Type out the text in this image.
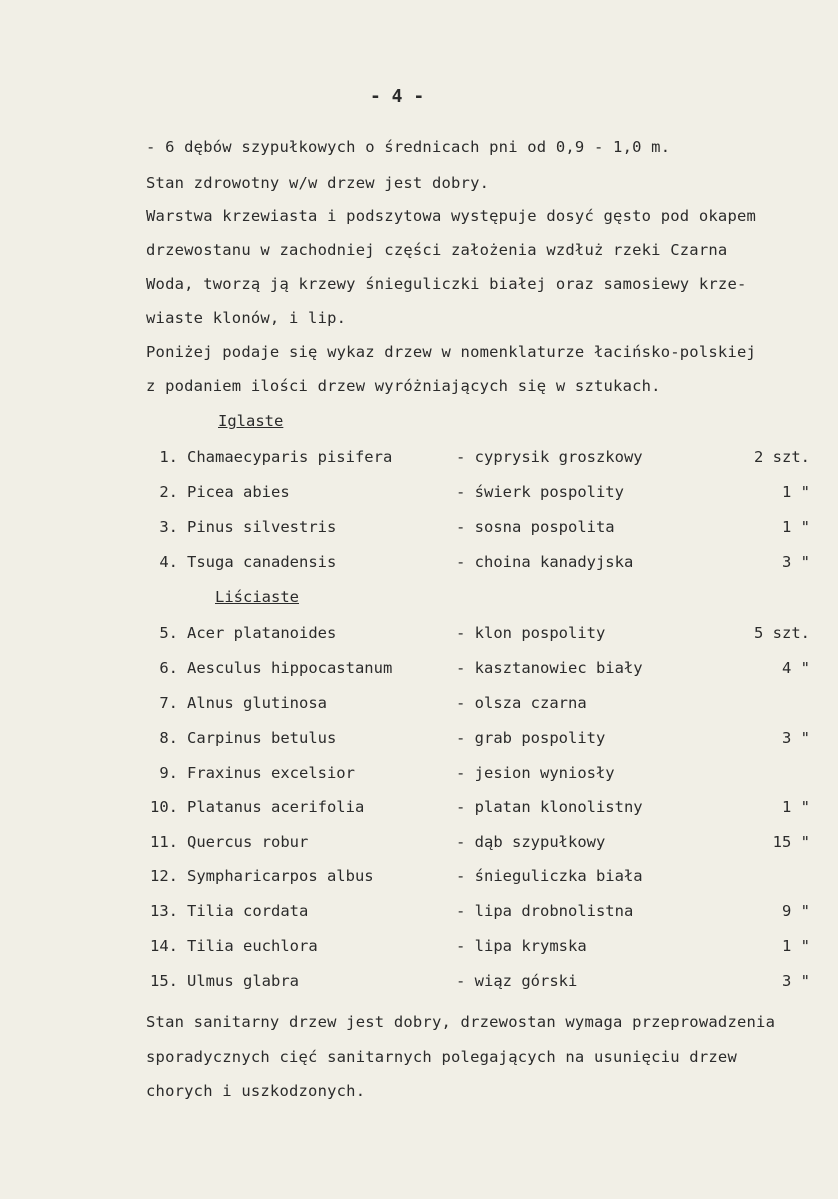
- 4 -
- 6 dębów szypułkowych o średnicach pni od 0,9 - 1,0 m.
Stan zdrowotny w/w drzew jest dobry.
Warstwa krzewiasta i podszytowa występuje dosyć gęsto pod okapem
drzewostanu w zachodniej części założenia wzdłuż rzeki Czarna
Woda, tworzą ją krzewy śnieguliczki białej oraz samosiewy krze-
wiaste klonów, i lip.
Poniżej podaje się wykaz drzew w nomenklaturze łacińsko-polskiej
z podaniem ilości drzew wyróżniających się w sztukach.
Iglaste
1. Chamaecyparis pisifera	- cyprysik groszkowy	2 szt.
2. Picea abies	- świerk pospolity	1 "
3. Pinus silvestris	- sosna pospolita	1 "
4. Tsuga canadensis	- choina kanadyjska	3 "
Liściaste
5. Acer platanoides	- klon pospolity	5 szt.
6. Aesculus hippocastanum	- kasztanowiec biały	4 "
7. Alnus glutinosa	- olsza czarna
8. Carpinus betulus	- grab pospolity	3 "
9. Fraxinus excelsior	- jesion wyniosły
10. Platanus acerifolia	- platan klonolistny	1 "
11. Quercus robur	- dąb szypułkowy	15 "
12. Sympharicarpos albus	- śnieguliczka biała
13. Tilia cordata	- lipa drobnolistna	9 "
14. Tilia euchlora	- lipa krymska	1 "
15. Ulmus glabra	- wiąz górski	3 "
Stan sanitarny drzew jest dobry, drzewostan wymaga przeprowadzenia
sporadycznych cięć sanitarnych polegających na usunięciu drzew
chorych i uszkodzonych.
